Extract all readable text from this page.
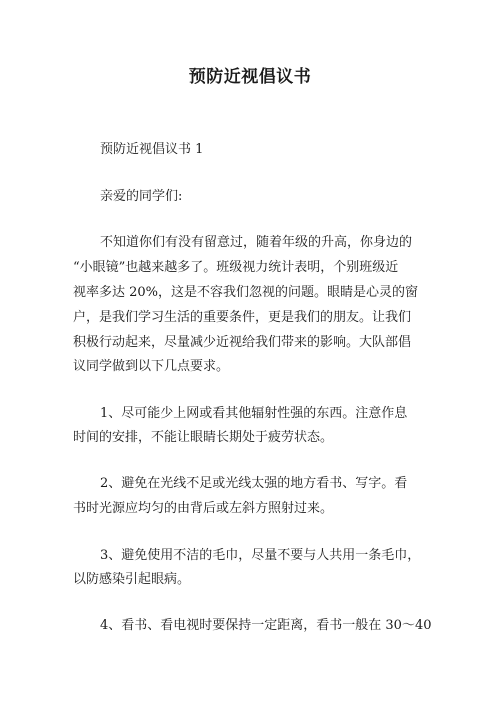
预防近视倡议书
预防近视倡议书 1
亲爱的同学们:
不知道你们有没有留意过，随着年级的升高，你身边的
“小眼镜”也越来越多了。班级视力统计表明，个别班级近
视率多达 20%，这是不容我们忽视的问题。眼睛是心灵的窗
户，是我们学习生活的重要条件，更是我们的朋友。让我们
积极行动起来，尽量减少近视给我们带来的影响。大队部倡
议同学做到以下几点要求。
1、尽可能少上网或看其他辐射性强的东西。注意作息
时间的安排，不能让眼睛长期处于疲劳状态。
2、避免在光线不足或光线太强的地方看书、写字。看
书时光源应均匀的由背后或左斜方照射过来。
3、避免使用不洁的毛巾，尽量不要与人共用一条毛巾，
以防感染引起眼病。
4、看书、看电视时要保持一定距离，看书一般在 30～40
